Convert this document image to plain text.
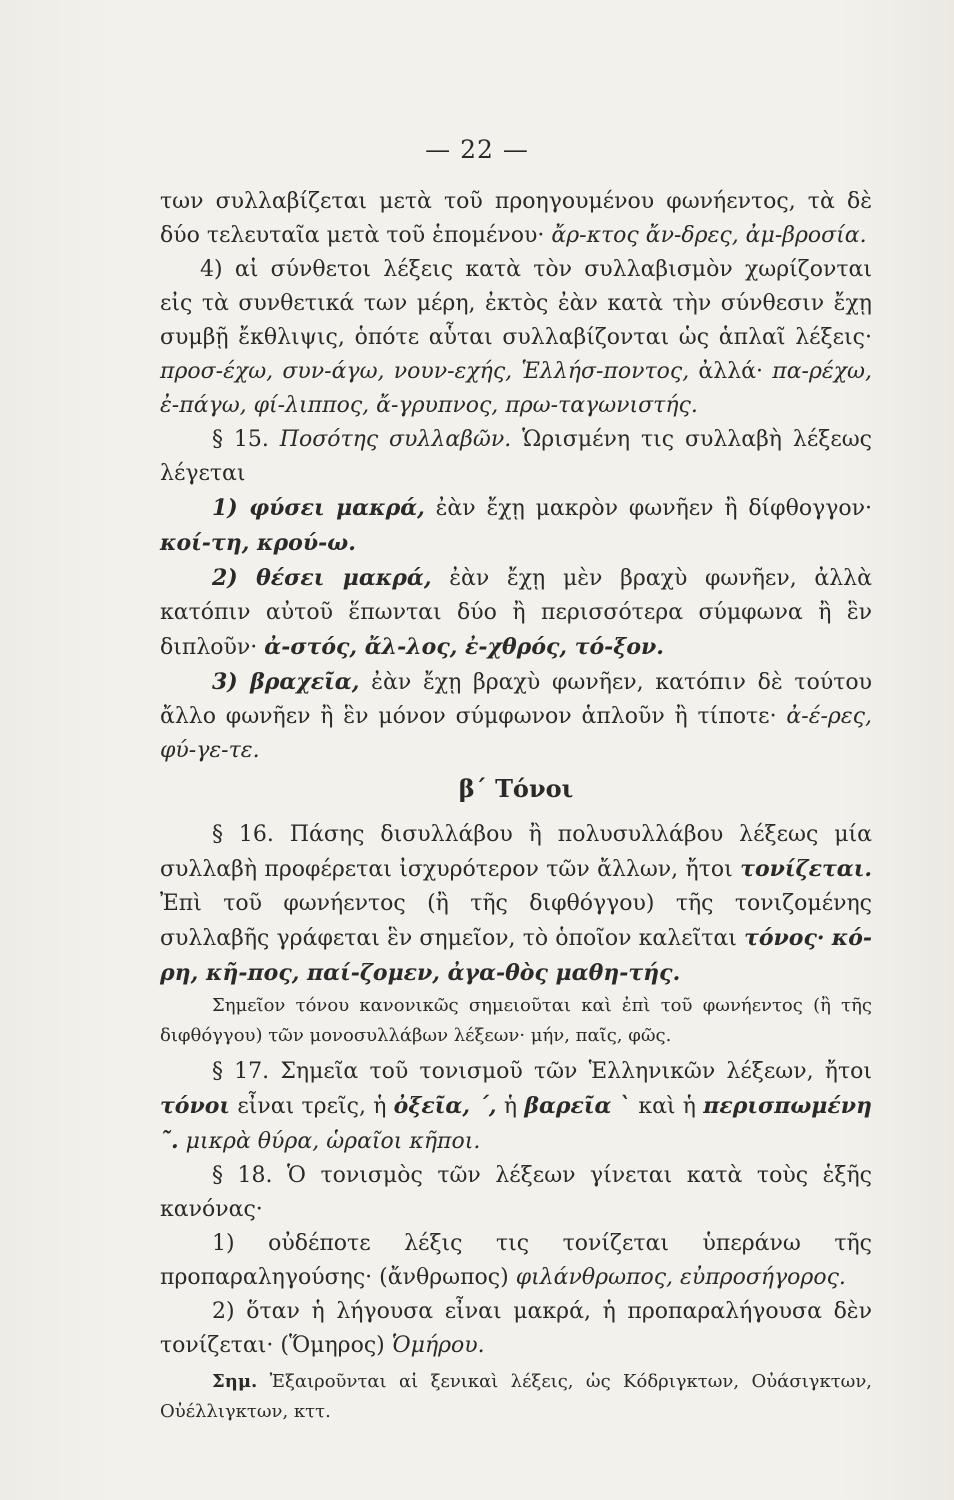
— 22 —

των συλλαβίζεται μετὰ τοῦ προηγουμένου φωνήεντος, τὰ δὲ δύο τελευταῖα μετὰ τοῦ ἑπομένου· ἄρ-κτος ἄν-δρες, ἀμ-βροσία.

4) αἱ σύνθετοι λέξεις κατὰ τὸν συλλαβισμὸν χωρίζονται εἰς τὰ συνθετικά των μέρη, ἐκτὸς ἐὰν κατὰ τὴν σύνθεσιν ἔχῃ συμβῇ ἔκθλιψις, ὁπότε αὗται συλλαβίζονται ὡς ἁπλαῖ λέξεις· προσ-έχω, συν-άγω, νουν-εχής, Ἑλλήσ-ποντος, ἀλλά· πα-ρέχω, ἐ-πάγω, φί-λιππος, ἄ-γρυπνος, πρω-ταγωνιστής.

§ 15. Ποσότης συλλαβῶν. Ὡρισμένη τις συλλαβὴ λέξεως λέγεται

1) φύσει μακρά, ἐὰν ἔχῃ μακρὸν φωνῆεν ἢ δίφθογγον· κοί-τη, κρού-ω.

2) θέσει μακρά, ἐὰν ἔχῃ μὲν βραχὺ φωνῆεν, ἀλλὰ κατόπιν αὐτοῦ ἕπωνται δύο ἢ περισσότερα σύμφωνα ἢ ἓν διπλοῦν· ἀ-στός, ἄλ-λος, ἐ-χθρός, τό-ξον.

3) βραχεῖα, ἐὰν ἔχῃ βραχὺ φωνῆεν, κατόπιν δὲ τούτου ἄλλο φωνῆεν ἢ ἓν μόνον σύμφωνον ἁπλοῦν ἢ τίποτε· ἀ-έ-ρες, φύ-γε-τε.

β΄ Τόνοι

§ 16. Πάσης δισυλλάβου ἢ πολυσυλλάβου λέξεως μία συλλαβὴ προφέρεται ἰσχυρότερον τῶν ἄλλων, ἤτοι τονίζεται. Ἐπὶ τοῦ φωνήεντος (ἢ τῆς διφθόγγου) τῆς τονιζομένης συλλαβῆς γράφεται ἓν σημεῖον, τὸ ὁποῖον καλεῖται τόνος· κό-ρη, κῆ-πος, παί-ζομεν, ἀγα-θὸς μαθη-τής.

Σημεῖον τόνου κανονικῶς σημειοῦται καὶ ἐπὶ τοῦ φωνήεντος (ἢ τῆς διφθόγγου) τῶν μονοσυλλάβων λέξεων· μήν, παῖς, φῶς.

§ 17. Σημεῖα τοῦ τονισμοῦ τῶν Ἑλληνικῶν λέξεων, ἤτοι τόνοι εἶναι τρεῖς, ἡ ὀξεῖα, ´, ἡ βαρεῖα ` καὶ ἡ περισπωμένη ῀. μικρὰ θύρα, ὡραῖοι κῆποι.

§ 18. Ὁ τονισμὸς τῶν λέξεων γίνεται κατὰ τοὺς ἑξῆς κανόνας·

1) οὐδέποτε λέξις τις τονίζεται ὑπεράνω τῆς προπαραληγούσης· (ἄνθρωπος) φιλάνθρωπος, εὐπροσήγορος.

2) ὅταν ἡ λήγουσα εἶναι μακρά, ἡ προπαραλήγουσα δὲν τονίζεται· (Ὅμηρος) Ὁμήρου.

Σημ. Ἐξαιροῦνται αἱ ξενικαὶ λέξεις, ὡς Κόδριγκτων, Οὐάσιγκτων, Οὐέλλιγκτων, κττ.
